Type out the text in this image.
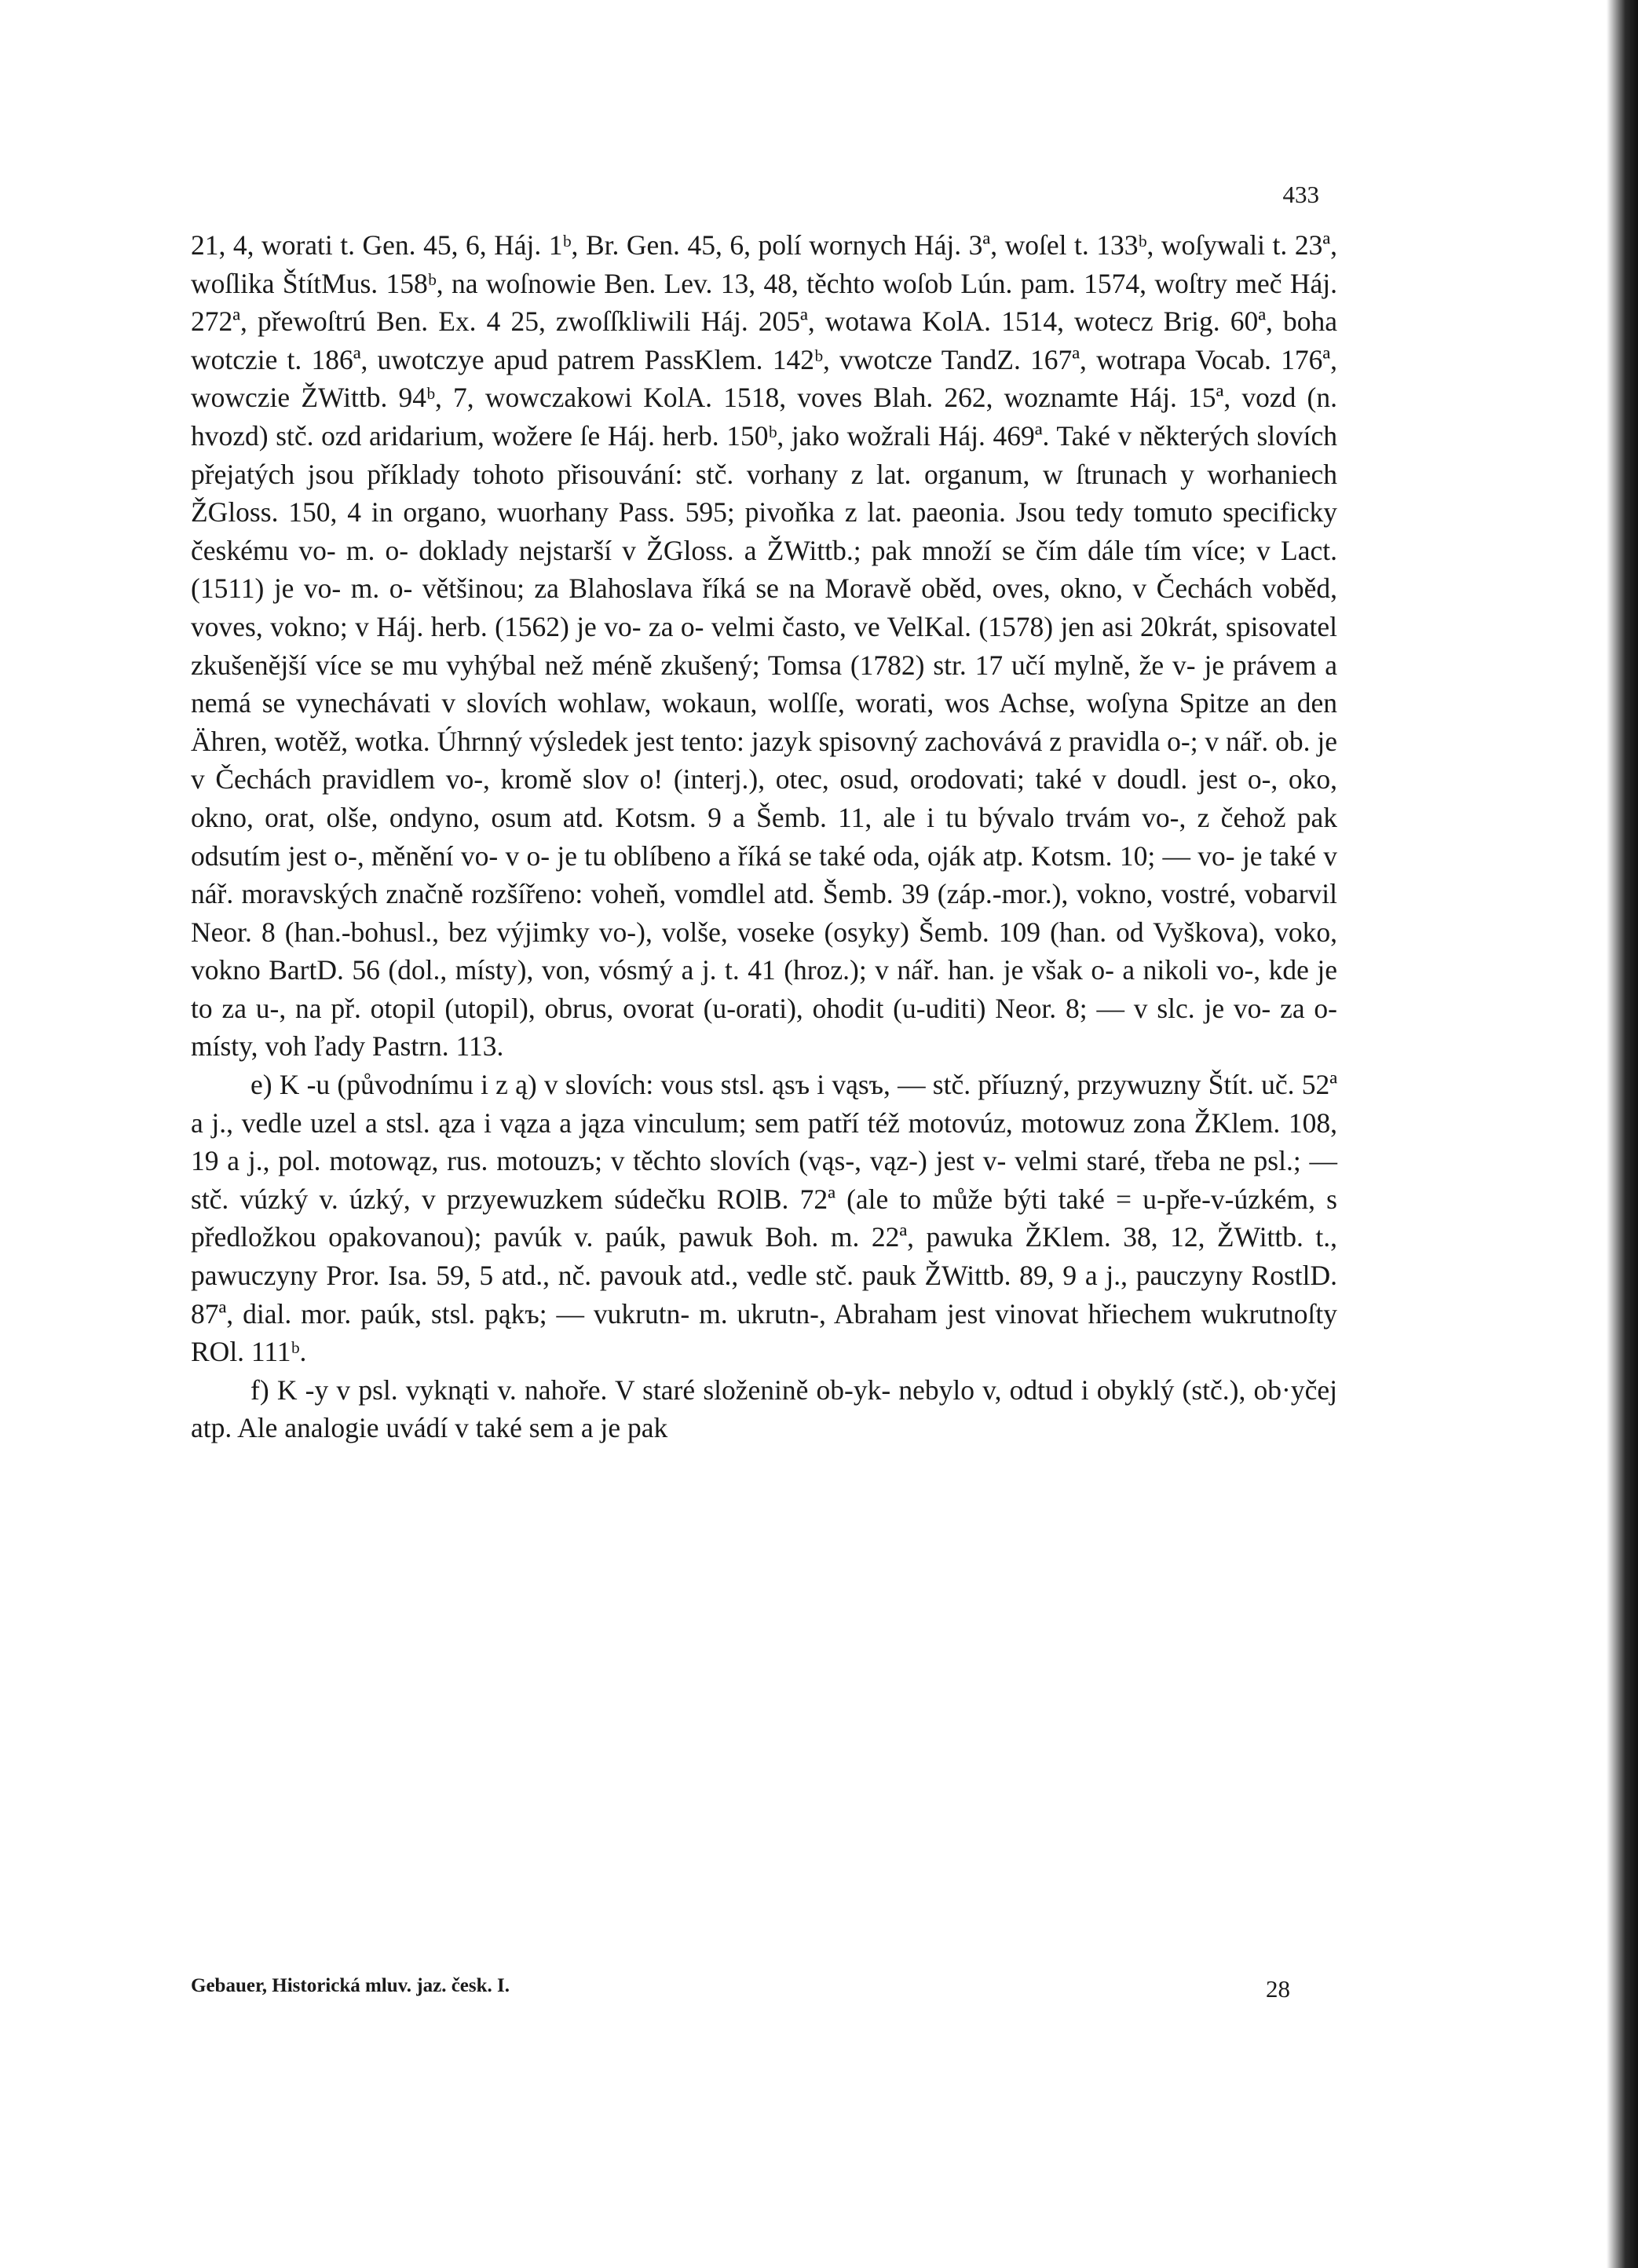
433

21, 4, worati t. Gen. 45, 6, Háj. 1ᵇ, Br. Gen. 45, 6, polí wornych Háj. 3ª, woſel t. 133ᵇ, woſywali t. 23ª, woſlika ŠtítMus. 158ᵇ, na woſnowie Ben. Lev. 13, 48, těchto woſob Lún. pam. 1574, woſtry meč Háj. 272ª, přewoſtrú Ben. Ex. 4 25, zwoſſkliwili Háj. 205ª, wotawa KolA. 1514, wotecz Brig. 60ª, boha wotczie t. 186ª, uwotczye apud patrem PassKlem. 142ᵇ, vwotcze TandZ. 167ª, wotrapa Vocab. 176ª, wowczie ŽWittb. 94ᵇ, 7, wowczakowi KolA. 1518, voves Blah. 262, woznamte Háj. 15ª, vozd (n. hvozd) stč. ozd aridarium, wožere ſe Háj. herb. 150ᵇ, jako wožrali Háj. 469ª. Také v některých slovích přejatých jsou příklady tohoto přisouvání: stč. vorhany z lat. organum, w ſtrunach y worhaniech ŽGloss. 150, 4 in organo, wuorhany Pass. 595; pivoňka z lat. paeonia. Jsou tedy tomuto specificky českému vo- m. o- doklady nejstarší v ŽGloss. a ŽWittb.; pak množí se čím dále tím více; v Lact. (1511) je vo- m. o- většinou; za Blahoslava říká se na Moravě oběd, oves, okno, v Čechách voběd, voves, vokno; v Háj. herb. (1562) je vo- za o- velmi často, ve VelKal. (1578) jen asi 20krát, spisovatel zkušenější více se mu vyhýbal než méně zkušený; Tomsa (1782) str. 17 učí mylně, že v- je právem a nemá se vynechávati v slovích wohlaw, wokaun, wolſſe, worati, wos Achse, woſyna Spitze an den Ähren, wotěž, wotka. Úhrnný výsledek jest tento: jazyk spisovný zachovává z pravidla o-; v nář. ob. je v Čechách pravidlem vo-, kromě slov o! (interj.), otec, osud, orodovati; také v doudl. jest o-, oko, okno, orat, olše, ondyno, osum atd. Kotsm. 9 a Šemb. 11, ale i tu bývalo trvám vo-, z čehož pak odsutím jest o-, měnění vo- v o- je tu oblíbeno a říká se také oda, oják atp. Kotsm. 10; — vo- je také v nář. moravských značně rozšířeno: voheň, vomdlel atd. Šemb. 39 (záp.-mor.), vokno, vostré, vobarvil Neor. 8 (han.-bohusl., bez výjimky vo-), volše, voseke (osyky) Šemb. 109 (han. od Vyškova), voko, vokno BartD. 56 (dol., místy), von, vósmý a j. t. 41 (hroz.); v nář. han. je však o- a nikoli vo-, kde je to za u-, na př. otopil (utopil), obrus, ovorat (u-orati), ohodit (u-uditi) Neor. 8; — v slc. je vo- za o- místy, voh ľady Pastrn. 113.

e) K -u (původnímu i z ą) v slovích: vous stsl. ąsъ i vąsъ, — stč. příuzný, przywuzny Štít. uč. 52ª a j., vedle uzel a stsl. ąza i vąza a jąza vinculum; sem patří též motovúz, motowuz zona ŽKlem. 108, 19 a j., pol. motowąz, rus. motouzъ; v těchto slovích (vąs-, vąz-) jest v- velmi staré, třeba ne psl.; — stč. vúzký v. úzký, v przyewuzkem súdečku ROlB. 72ª (ale to může býti také = u-pře-v-úzkém, s předložkou opakovanou); pavúk v. paúk, pawuk Boh. m. 22ª, pawuka ŽKlem. 38, 12, ŽWittb. t., pawuczyny Pror. Isa. 59, 5 atd., nč. pavouk atd., vedle stč. pauk ŽWittb. 89, 9 a j., pauczyny RostlD. 87ª, dial. mor. paúk, stsl. pąkъ; — vukrutn- m. ukrutn-, Abraham jest vinovat hřiechem wukrutnoſty ROl. 111ᵇ.

f) K -y v psl. vyknąti v. nahoře. V staré složenině ob-yk- nebylo v, odtud i obyklý (stč.), ob·yčej atp. Ale analogie uvádí v také sem a je pak

Gebauer, Historická mluv. jaz. česk. I.	28
